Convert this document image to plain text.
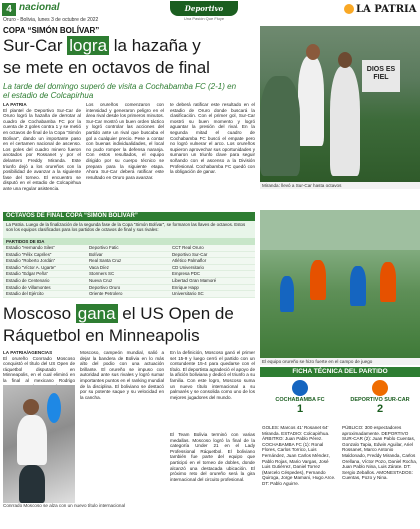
4 nacional
Oruro - Bolivia, lunes 3 de octubre de 2022
Deportivo
Una Pasión Que Fluye
LA PATRIA
COPA “SIMÓN BOLÍVAR”
Sur-Car logra la hazaña y
se mete en octavos de final
La tarde del domingo superó de visita a Cochabamba FC (2-1) en el estadio de Colcapirhua
LA PATRIA
El plantel de Deportivo Sur-Car de Oruro logró la hazaña de derrotar al cuadro de Cochabamba FC por la cuenta de 2 goles contra 1 y se metió en octavos de final de la Copa “Simón Bolívar”, dando un importante paso en el certamen nacional de ascenso. Los goles del cuadro minero fueron anotados por Rossanet y por el delantero Freddy Miranda. Este triunfo dejó a los orureños con la posibilidad de avanzar a la siguiente fase del torneo. El encuentro se disputó en el estadio de Colcapirhua ante una regular asistencia.
Los orureños comenzaron con intensidad y generaron peligro en el área rival desde los primeros minutos. Sur-Car mostró un buen orden táctico y logró controlar las acciones del partido ante un rival que buscaba el gol a cualquier precio. Pese a contar con buenas individualidades, el local no pudo romper la defensa naranja. Con estos resultados, el equipo dirigido por su cuerpo técnico se prepara para la siguiente etapa. Ahora Sur-Car deberá ratificar este resultado en Oruro para avanzar.
te deberá ratificar este resultado en el estadio de Oruro donde buscará la clasificación. Con el primer gol, Sur-Car mostró su buen momento y logró aguantar la presión del rival. En la segunda mitad el cuadro de Cochabamba FC buscó el empate pero no logró vulnerar el arco. Los orureños supieron aprovechar sus oportunidades y sumaron un triunfo clave para seguir soñando con el ascenso a la División Profesional. Cochabamba FC quedó con la obligación de ganar.
DIOS ES FIEL
Miranda: llevó a Sur-Car hasta octavos
OCTAVOS DE FINAL COPA “SIMÓN BOLÍVAR”
La Patria. Luego de la finalización de la segunda fase de la Copa “Simón Bolívar”, se formaron las llaves de octavos. Estos son los equipos clasificados para los partidos de octavos de final y sus rivales:
PARTIDOS DE IDA
Estadio “Hernando Siles”	Deportivo Fatic	CCT Real Oruro
Estadio “Félix Capriles”	Bolívar	Deportivo Sur-Car
Estadio “Roberto Jordán”	Real Santa Cruz	Atlético Palmaflor
Estadio “Víctor A. Ugarte”	Vaca Díez	CD Universitario
Estadio “Edgar Peña”	Stormers SC	Empresa PDC
Estadio de Centenario	Nueva Cruz	Libertad Gran Mamoré
Estadio de Villamontes	Deportivo Oruro	Enrique Happ
Estadio del Ejército	Oriente Petrolero	Universitario SC
Moscoso gana el US Open de
Ráquetbol en Minneapolis
LA PATRIA/AGENCIAS
El orureño Conrrado Moscoso conquistó el título del US Open de ráquetbol disputado en Minneapolis, en el cual eliminó en la final al mexicano Rodrigo
Moscoso, campeón mundial, salió a dejar la bandera de Bolivia en lo más alto del podio con una actuación brillante. El orureño se impuso con autoridad ante sus rivales y logró sumar importantes puntos en el ranking mundial de la disciplina. El boliviano se destacó por su potente saque y su velocidad en la cancha.
En la definición, Moscoso ganó el primer set 15-9 y luego cerró el partido con un contundente 15-4 para quedarse con el título. El deportista agradeció el apoyo de la afición boliviana y dedicó el triunfo a su familia. Con este logro, Moscoso suma un nuevo título internacional a su palmarés y se consolida como uno de los mejores jugadores del mundo.
El Team Bolivia terminó con varias medallas. Moscoso logró la final de la categoría Under 21 en el Lady Professional Ráquetbol. El boliviano también fue parte del equipo que participó en el torneo de dobles, donde alcanzó una destacada ubicación. El próximo reto del orureño será la gira internacional del circuito profesional.
Conrrado Moscoso se alza con un nuevo título internacional
El equipo orureño se hizo fuerte en el campo de juego
FICHA TÉCNICA DEL PARTIDO
COCHABAMBA FC
1
DEPORTIVO SUR-CAR
2
GOLES: Marcos 41' Rosanet 64' Miranda. ESTADIO: Colcapirhua. ÁRBITRO: Juan Pablo Pérez. COCHABAMBA FC (1): Ronal Flores, Carlos Torrico, Luis Fernández, Juan Carlos Méndez, Pablo Rojas, Mario Vargas, José Luis Gutiérrez, Daniel Torrez (Marcelo Céspedes), Fernando Quiroga, Jorge Mamani, Hugo Arce. DT: Pablo Aguirre.
PÚBLICO: 300 espectadores aproximadamente. DEPORTIVO SUR-CAR (2): Juan Pablo Cuentas, Gonzalo Tapia, Edwin Aguilar, Ariel Rossanet, Marco Antonio Maldonado, Freddy Miranda, Carlos Orellana, Víctor Pozo, Daniel Rocha, Juan Pablo Nina, Luis Zárate. DT: Sergio Zeballos. AMONESTADOS: Cuentas, Pozo y Nina.
